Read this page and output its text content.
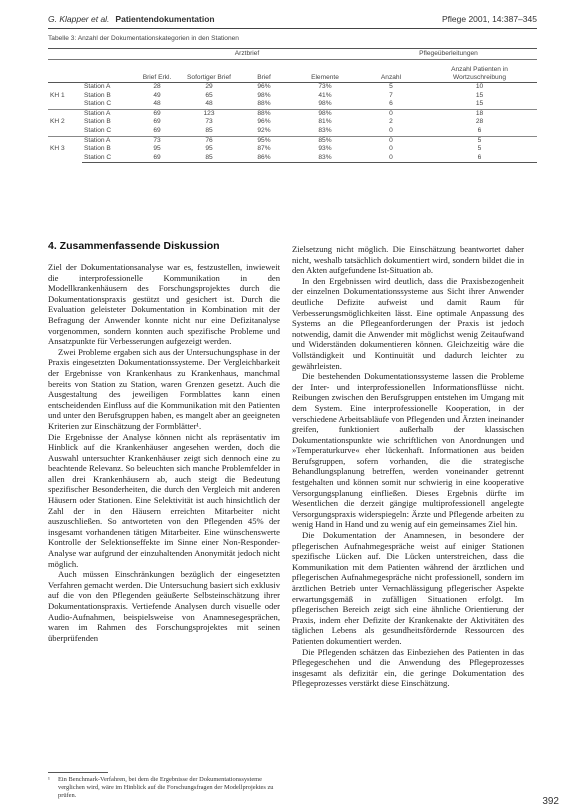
G. Klapper et al. Patientendokumentation	Pflege 2001, 14:387–345
Tabelle 3: Anzahl der Dokumentationskategorien in den Stationen
		Arztbrief				Pflegeüberleitungen	
		Brief Erkl.	Sofortiger Brief	Brief	Elemente	Anzahl	Anzahl Patienten in Wortzuschreibung
KH 1	Station A	28	29	96%	73%	5	10
	Station B	49	65	98%	41%	7	15
	Station C	48	48	88%	98%	6	15
KH 2	Station A	69	123	88%	98%	0	18
	Station B	69	73	96%	81%	2	28
	Station C	69	85	92%	83%	0	6
KH 3	Station A	73	76	95%	85%	0	5
	Station B	95	95	87%	93%	0	5
	Station C	69	85	86%	83%	0	6
4. Zusammenfassende Diskussion

Ziel der Dokumentationsanalyse war es, festzustellen, inwieweit die interprofessionelle Kommunikation in den Modellkrankenhäusern des Forschungsprojektes durch die Dokumentationspraxis gestützt und gesichert ist. Durch die Evaluation geleisteter Dokumentation in Kombination mit der Befragung der Anwender konnte nicht nur eine Defizitanalyse vorgenommen, sondern konnten auch spezifische Probleme und Ansatzpunkte für Verbesserungen aufgezeigt werden.

Zwei Probleme ergaben sich aus der Untersuchungsphase in der Praxis eingesetzten Dokumentationssysteme. Der Vergleichbarkeit der Ergebnisse von Krankenhaus zu Krankenhaus, manchmal bereits von Station zu Station, waren Grenzen gesetzt. Auch die Ausgestaltung des jeweiligen Formblattes kann einen entscheidenden Einfluss auf die Kommunikation mit den Patienten und unter den Berufsgruppen haben, es mangelt aber an geeigneten Kriterien zur Einschätzung der Formblätter¹.

Die Ergebnisse der Analyse können nicht als repräsentativ im Hinblick auf die Krankenhäuser angesehen werden, doch die Auswahl untersuchter Krankenhäuser zeigt sich dennoch eine zu beachtende Relevanz. So beleuchten sich manche Problemfelder in allen drei Krankenhäusern ab, auch steigt die Bedeutung spezifischer Besonderheiten, die durch den Vergleich mit anderen Häusern oder Stationen. Eine Selektivität ist auch hinsichtlich der Zahl der in den Häusern erreichten Mitarbeiter nicht auszuschließen. So antworteten von den Pflegenden 45% der insgesamt vorhandenen tätigen Mitarbeiter. Eine wünschenswerte Kontrolle der Selektionseffekte im Sinne einer Non-Responder-Analyse war aufgrund der einzuhaltenden Anonymität jedoch nicht möglich.

Auch müssen Einschränkungen bezüglich der eingesetzten Verfahren gemacht werden. Die Untersuchung basiert sich exklusiv auf die von den Pflegenden geäußerte Selbsteinschätzung ihrer Dokumentationspraxis. Vertiefende Analysen durch visuelle oder Audio-Aufnahmen, beispielsweise von Anamnesegesprächen, waren im Rahmen des Forschungsprojektes mit seinen überprüfenden

Zielsetzung nicht möglich. Die Einschätzung beantwortet daher nicht, weshalb tatsächlich dokumentiert wird, sondern bildet die in den Akten aufgefundene Ist-Situation ab.

In den Ergebnissen wird deutlich, dass die Praxisbezogenheit der einzelnen Dokumentationssysteme aus Sicht ihrer Anwender deutliche Defizite aufweist und damit Raum für Verbesserungsmöglichkeiten lässt. Eine optimale Anpassung des Systems an die Pflegeanforderungen der Praxis ist jedoch notwendig, damit die Anwender mit möglichst wenig Zeitaufwand und Widerständen dokumentieren können. Gleichzeitig wäre die Vollständigkeit und Kontinuität und dadurch leichter zu gewährleisten.

Die bestehenden Dokumentationssysteme lassen die Probleme der Inter- und interprofessionellen Informationsflüsse nicht. Reibungen zwischen den Berufsgruppen entstehen im Umgang mit dem System. Eine interprofessionelle Kooperation, in der verschiedene Arbeitsabläufe von Pflegenden und Ärzten ineinander greifen, funktioniert außerhalb der klassischen Dokumentationspunkte wie schriftlichen von Anordnungen und »Temperaturkurve« eher lückenhaft. Informationen aus beiden Berufsgruppen, sofern vorhanden, die die strategische Behandlungsplanung betreffen, werden voneinander getrennt festgehalten und können somit nur schwierig in eine kooperative Versorgungsplanung einfließen. Dieses Ergebnis dürfte im Wesentlichen die derzeit gängige multiprofessionell angelegte Versorgungspraxis widerspiegeln: Ärzte und Pflegende arbeiten zu wenig Hand in Hand und zu wenig auf ein gemeinsames Ziel hin.

Die Dokumentation der Anamnesen, in besondere der pflegerischen Aufnahmegespräche weist auf einiger Stationen spezifische Lücken auf. Die Lücken unterstreichen, dass die Kommunikation mit dem Patienten während der ärztlichen und pflegerischen Aufnahmegespräche nicht professionell, sondern im ärztlichen Betrieb unter Vernachlässigung pflegerischer Aspekte erwartungsgemäß in zufälligen Situationen erfolgt. Im pflegerischen Bereich zeigt sich eine ähnliche Orientierung der Praxis, indem eher Defizite der Krankenakte der Aktivitäten des täglichen Lebens als gesundheitsfördernde Ressourcen des Patienten dokumentiert werden.

Die Pflegenden schätzen das Einbeziehen des Patienten in das Pflegegeschehen und die Anwendung des Pflegeprozesses insgesamt als defizitär ein, die geringe Dokumentation des Pflegeprozesses verstärkt diese Einschätzung.

¹	Ein Benchmark-Verfahren, bei dem die Ergebnisse der Dokumentationssysteme verglichen wird, wäre im Hinblick auf die Forschungsfragen der Modellprojektes zu prüfen.
392
